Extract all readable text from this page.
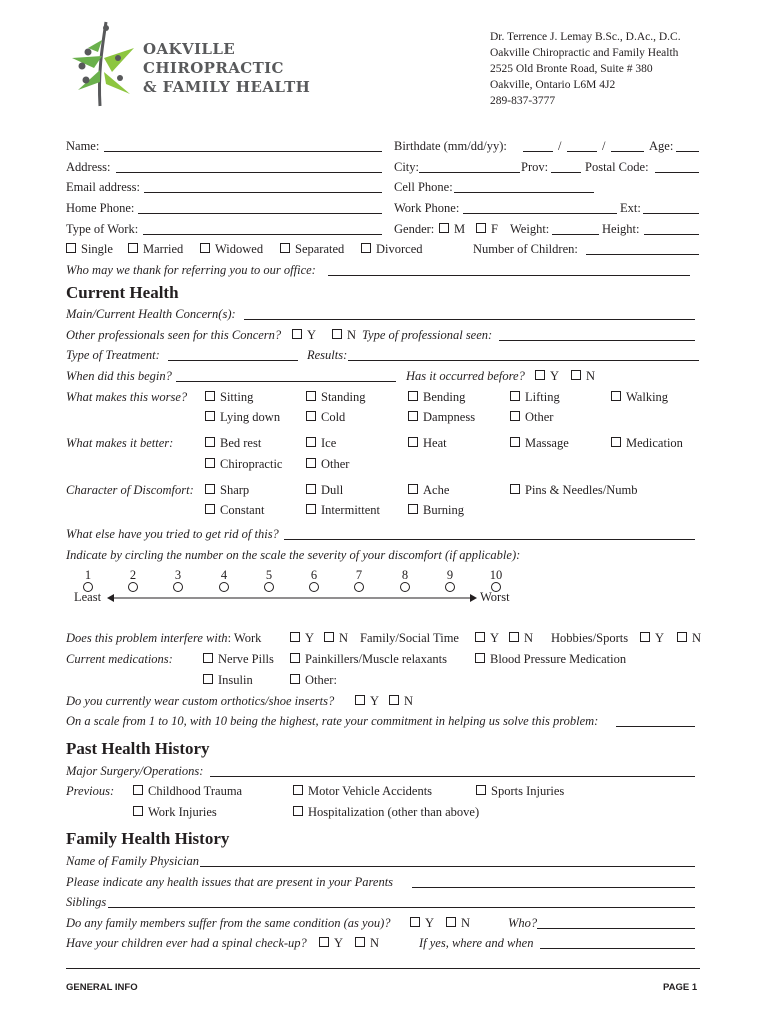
OAKVILLE
CHIROPRACTIC
& FAMILY HEALTH
Dr. Terrence J. Lemay B.Sc., D.Ac., D.C.
Oakville Chiropractic and Family Health
2525 Old Bronte Road, Suite # 380
Oakville, Ontario L6M 4J2
289-837-3777
Name:	Birthdate (mm/dd/yy):	/	/	Age:
Address:	City:	Prov:	Postal Code:
Email address:	Cell Phone:
Home Phone:	Work Phone:	Ext:
Type of Work:	Gender:	M	F Weight:	Height:
Single	Married	Widowed	Separated	Divorced	Number of Children:
Who may we thank for referring you to our office:
Current Health
Main/Current Health Concern(s):
Other professionals seen for this Concern?	Y	N Type of professional seen:
Type of Treatment:	Results:
When did this begin?	Has it occurred before?	Y	N
What makes this worse?	Sitting	Standing	Bending	Lifting	Walking
Lying down	Cold	Dampness	Other
What makes it better:	Bed rest	Ice	Heat	Massage	Medication
Chiropractic	Other
Character of Discomfort:	Sharp	Dull	Ache	Pins & Needles/Numb
Constant	Intermittent	Burning
What else have you tried to get rid of this?
Indicate by circling the number on the scale the severity of your discomfort (if applicable):
1	2	3	4	5	6	7	8	9	10
Least	Worst
Does this problem interfere with: Work	Y	N Family/Social Time	Y	N Hobbies/Sports	Y	N
Current medications:	Nerve Pills	Painkillers/Muscle relaxants	Blood Pressure Medication
Insulin	Other:
Do you currently wear custom orthotics/shoe inserts?	Y	N
On a scale from 1 to 10, with 10 being the highest, rate your commitment in helping us solve this problem:
Past Health History
Major Surgery/Operations:
Previous:	Childhood Trauma	Motor Vehicle Accidents	Sports Injuries
Work Injuries	Hospitalization (other than above)
Family Health History
Name of Family Physician
Please indicate any health issues that are present in your Parents
Siblings
Do any family members suffer from the same condition (as you)?	Y	N	Who?
Have your children ever had a spinal check-up?	Y	N	If yes, where and when
GENERAL INFO	PAGE 1
